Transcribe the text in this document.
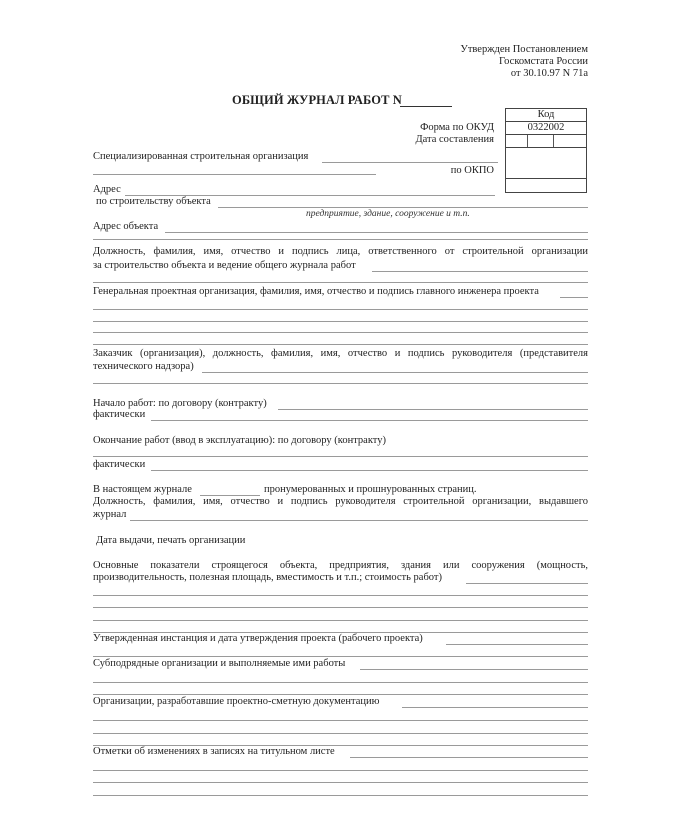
Утвержден Постановлением
Госкомстата России
от 30.10.97 N 71а
ОБЩИЙ ЖУРНАЛ РАБОТ N
Код
0322002
Форма по ОКУД
Дата составления
по ОКПО
Специализированная строительная организация
Адрес
по строительству объекта
предприятие, здание, сооружение и т.п.
Адрес объекта
Должность, фамилия, имя, отчество и подпись лица, ответственного от строительной организации
за строительство объекта и ведение общего журнала работ
Генеральная проектная организация, фамилия, имя, отчество и подпись главного инженера проекта
Заказчик (организация), должность, фамилия, имя, отчество и подпись руководителя (представителя
технического надзора)
Начало работ: по договору (контракту)
фактически
Окончание работ (ввод в эксплуатацию): по договору (контракту)
фактически
В настоящем журнале	пронумерованных и прошнурованных страниц.
Должность, фамилия, имя, отчество и подпись руководителя строительной организации, выдавшего
журнал
Дата выдачи, печать организации
Основные показатели строящегося объекта, предприятия, здания или сооружения (мощность,
производительность, полезная площадь, вместимость и т.п.; стоимость работ)
Утвержденная инстанция и дата утверждения проекта (рабочего проекта)
Субподрядные организации и выполняемые ими работы
Организации, разработавшие проектно-сметную документацию
Отметки об изменениях в записях на титульном листе
